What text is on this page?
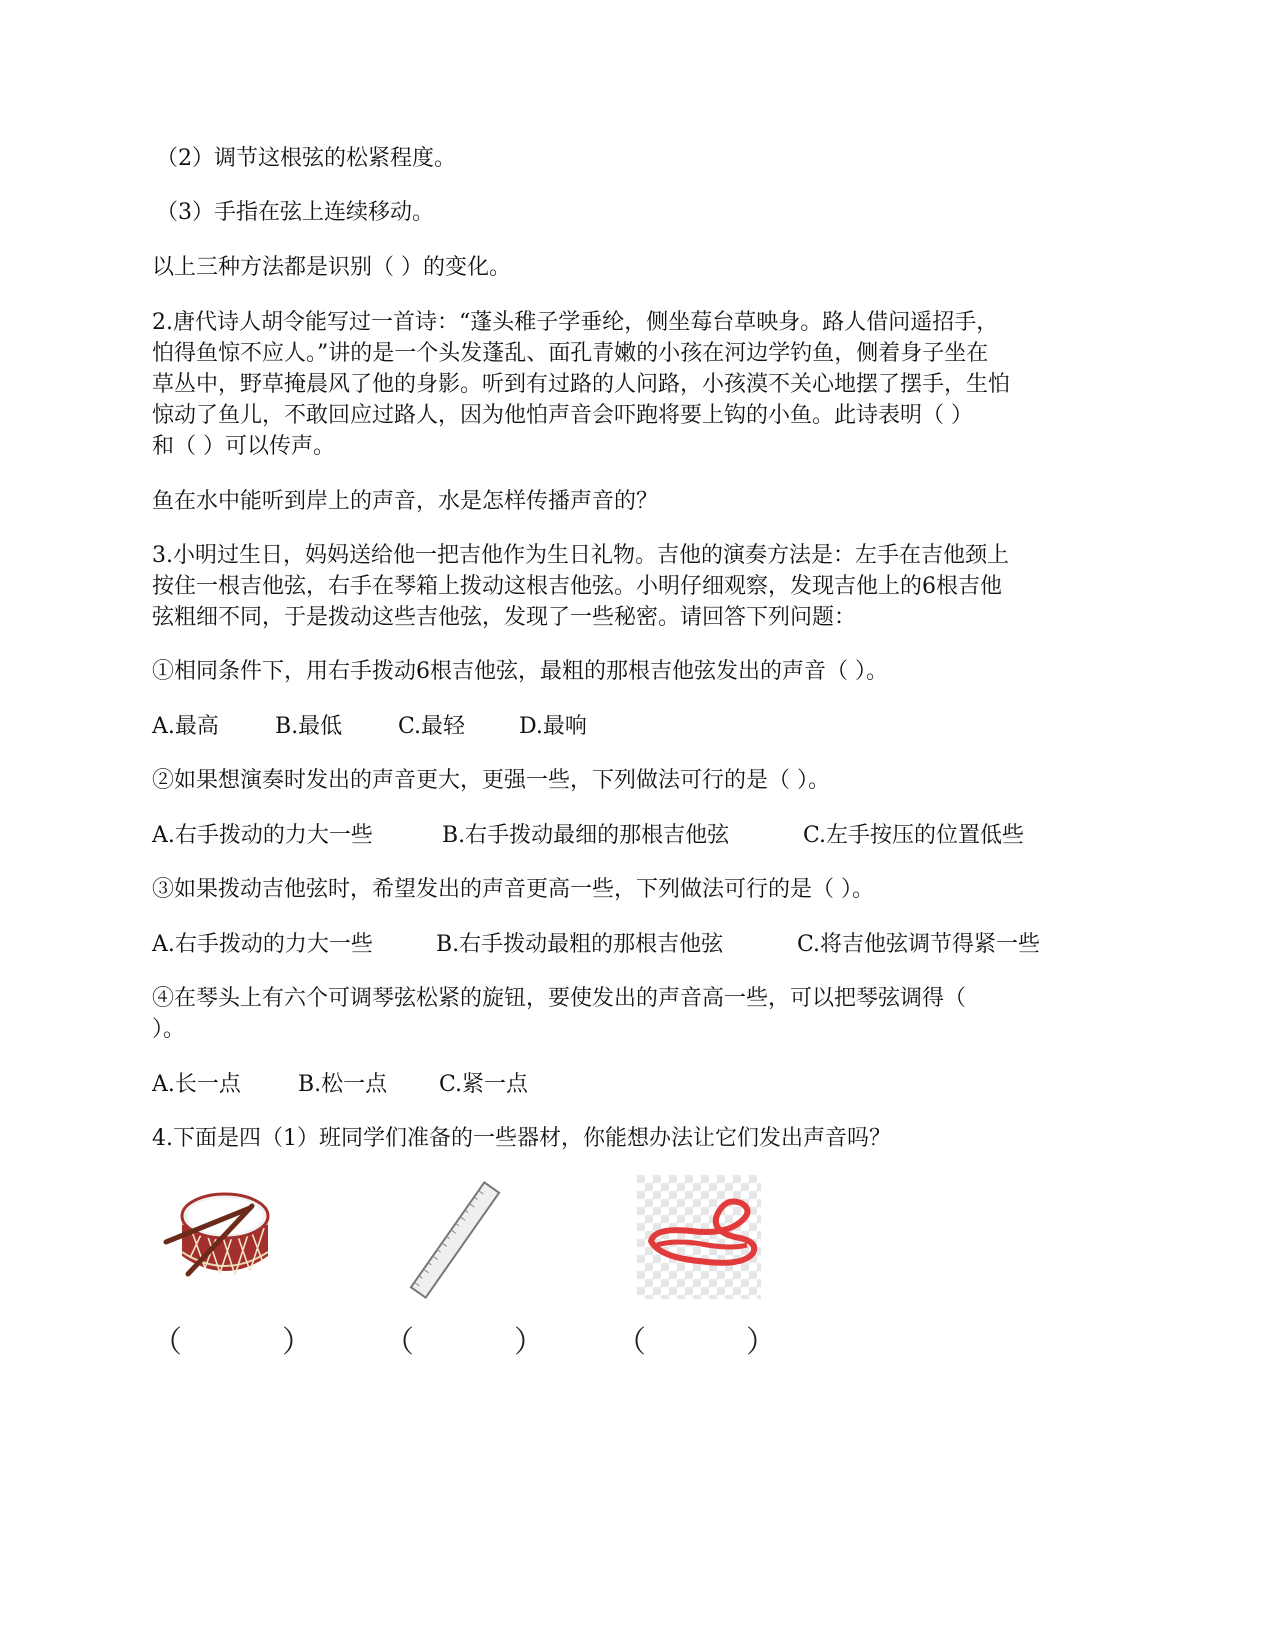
（2）调节这根弦的松紧程度。

（3）手指在弦上连续移动。

以上三种方法都是识别（ ）的变化。

2.唐代诗人胡令能写过一首诗：“蓬头稚子学垂纶，侧坐莓台草映身。路人借问遥招手，

怕得鱼惊不应人。”讲的是一个头发蓬乱、面孔青嫩的小孩在河边学钓鱼，侧着身子坐在

草丛中，野草掩晨风了他的身影。听到有过路的人问路，小孩漠不关心地摆了摆手，生怕

惊动了鱼儿，不敢回应过路人，因为他怕声音会吓跑将要上钩的小鱼。此诗表明（ ）

和（ ）可以传声。

鱼在水中能听到岸上的声音，水是怎样传播声音的？

3.小明过生日，妈妈送给他一把吉他作为生日礼物。吉他的演奏方法是：左手在吉他颈上

按住一根吉他弦，右手在琴箱上拨动这根吉他弦。小明仔细观察，发现吉他上的6根吉他

弦粗细不同，于是拨动这些吉他弦，发现了一些秘密。请回答下列问题：

①相同条件下，用右手拨动6根吉他弦，最粗的那根吉他弦发出的声音（ ）。

A.最高	B.最低	C.最轻 D.最响

②如果想演奏时发出的声音更大，更强一些，下列做法可行的是（ ）。

A.右手拨动的力大一些	B.右手拨动最细的那根吉他弦	C.左手按压的位置低些

③如果拨动吉他弦时，希望发出的声音更高一些，下列做法可行的是（ ）。

A.右手拨动的力大一些	B.右手拨动最粗的那根吉他弦	C.将吉他弦调节得紧一些

④在琴头上有六个可调琴弦松紧的旋钮，要使发出的声音高一些，可以把琴弦调得（

）。

A.长一点	B.松一点 C.紧一点

4.下面是四（1）班同学们准备的一些器材，你能想办法让它们发出声音吗？

（	） （	） （	）
